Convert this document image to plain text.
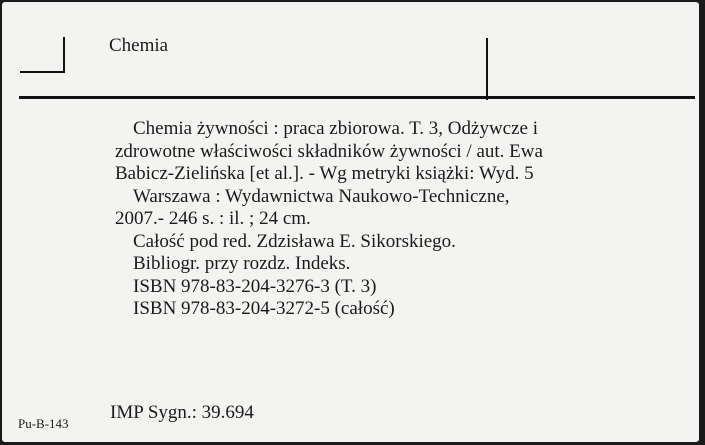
Chemia
Chemia żywności : praca zbiorowa. T. 3, Odżywcze i
zdrowotne właściwości składników żywności / aut. Ewa
Babicz-Zielińska [et al.]. - Wg metryki książki: Wyd. 5
Warszawa : Wydawnictwa Naukowo-Techniczne,
2007.- 246 s. : il. ; 24 cm.
Całość pod red. Zdzisława E. Sikorskiego.
Bibliogr. przy rozdz. Indeks.
ISBN 978-83-204-3276-3 (T. 3)
ISBN 978-83-204-3272-5 (całość)
Pu-B-143
IMP Sygn.: 39.694
